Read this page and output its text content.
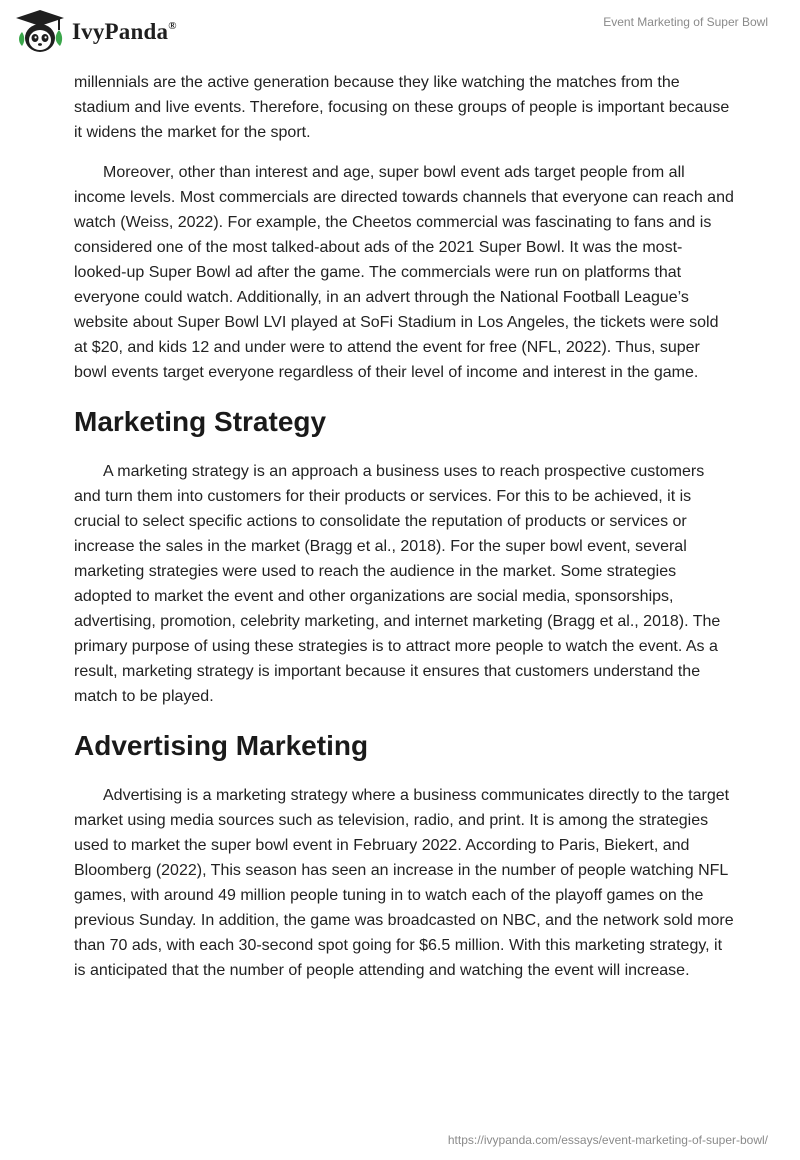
IvyPanda®	Event Marketing of Super Bowl

millennials are the active generation because they like watching the matches from the stadium and live events. Therefore, focusing on these groups of people is important because it widens the market for the sport.

Moreover, other than interest and age, super bowl event ads target people from all income levels. Most commercials are directed towards channels that everyone can reach and watch (Weiss, 2022). For example, the Cheetos commercial was fascinating to fans and is considered one of the most talked-about ads of the 2021 Super Bowl. It was the most-looked-up Super Bowl ad after the game. The commercials were run on platforms that everyone could watch. Additionally, in an advert through the National Football League’s website about Super Bowl LVI played at SoFi Stadium in Los Angeles, the tickets were sold at $20, and kids 12 and under were to attend the event for free (NFL, 2022). Thus, super bowl events target everyone regardless of their level of income and interest in the game.

Marketing Strategy

A marketing strategy is an approach a business uses to reach prospective customers and turn them into customers for their products or services. For this to be achieved, it is crucial to select specific actions to consolidate the reputation of products or services or increase the sales in the market (Bragg et al., 2018). For the super bowl event, several marketing strategies were used to reach the audience in the market. Some strategies adopted to market the event and other organizations are social media, sponsorships, advertising, promotion, celebrity marketing, and internet marketing (Bragg et al., 2018). The primary purpose of using these strategies is to attract more people to watch the event. As a result, marketing strategy is important because it ensures that customers understand the match to be played.

Advertising Marketing

Advertising is a marketing strategy where a business communicates directly to the target market using media sources such as television, radio, and print. It is among the strategies used to market the super bowl event in February 2022. According to Paris, Biekert, and Bloomberg (2022), This season has seen an increase in the number of people watching NFL games, with around 49 million people tuning in to watch each of the playoff games on the previous Sunday. In addition, the game was broadcasted on NBC, and the network sold more than 70 ads, with each 30-second spot going for $6.5 million. With this marketing strategy, it is anticipated that the number of people attending and watching the event will increase.

https://ivypanda.com/essays/event-marketing-of-super-bowl/
